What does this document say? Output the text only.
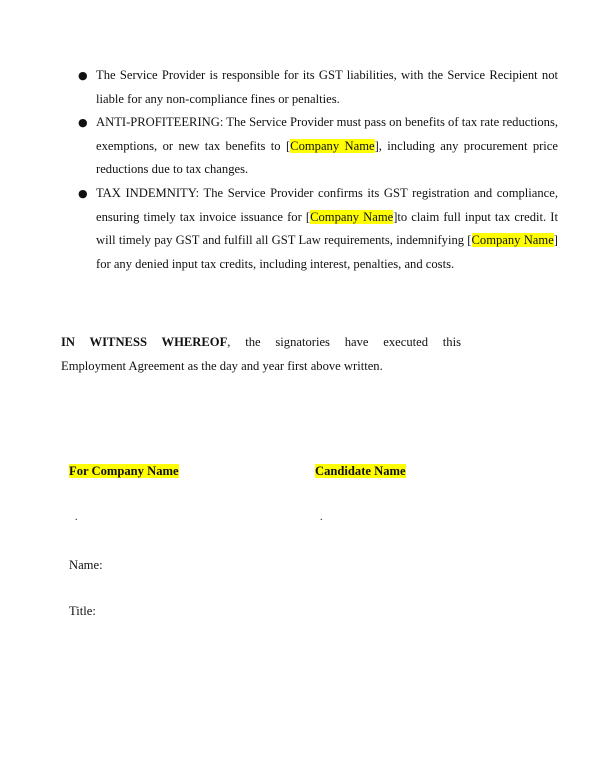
● The Service Provider is responsible for its GST liabilities, with the Service Recipient not liable for any non-compliance fines or penalties.
● ANTI-PROFITEERING: The Service Provider must pass on benefits of tax rate reductions, exemptions, or new tax benefits to [Company Name], including any procurement price reductions due to tax changes.
● TAX INDEMNITY: The Service Provider confirms its GST registration and compliance, ensuring timely tax invoice issuance for [Company Name]to claim full input tax credit. It will timely pay GST and fulfill all GST Law requirements, indemnifying [Company Name] for any denied input tax credits, including interest, penalties, and costs.
IN WITNESS WHEREOF, the signatories have executed this
Employment Agreement as the day and year first above written.
For Company Name	Candidate Name
.	.
Name:
Title:
